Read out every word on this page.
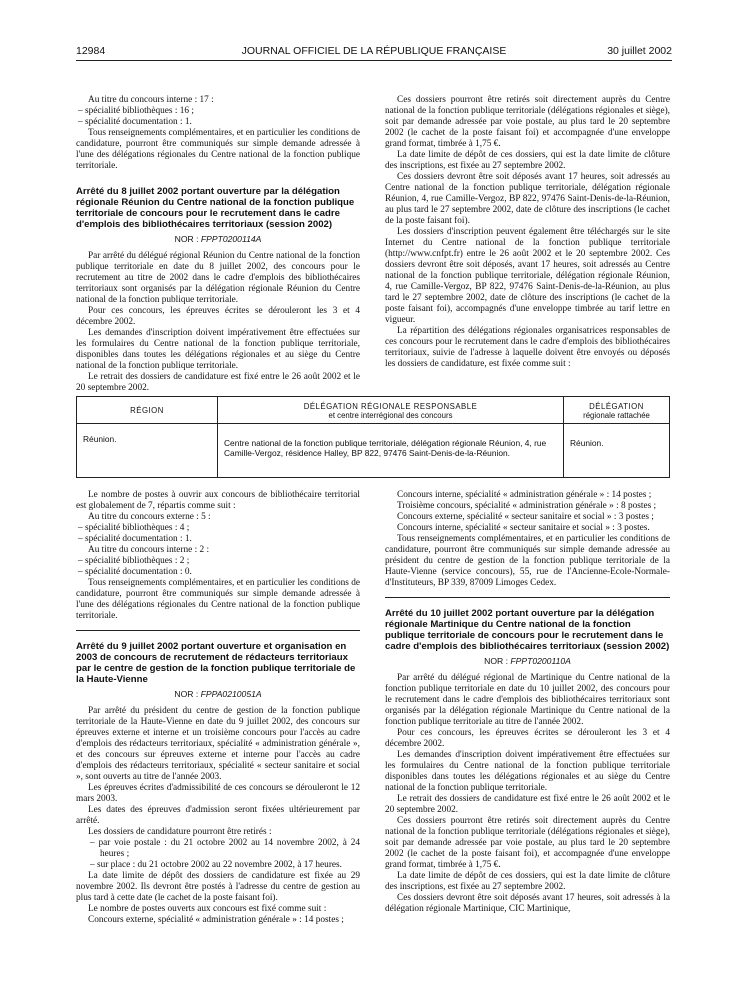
12984	JOURNAL OFFICIEL DE LA RÉPUBLIQUE FRANÇAISE	30 juillet 2002

Au titre du concours interne : 17 :

– spécialité bibliothèques : 16 ;

– spécialité documentation : 1.

Tous renseignements complémentaires, et en particulier les conditions de candidature, pourront être communiqués sur simple demande adressée à l'une des délégations régionales du Centre national de la fonction publique territoriale.

Arrêté du 8 juillet 2002 portant ouverture par la délégation régionale Réunion du Centre national de la fonction publique territoriale de concours pour le recrutement dans le cadre d'emplois des bibliothécaires territoriaux (session 2002)

NOR : FPPT0200114A

Par arrêté du délégué régional Réunion du Centre national de la fonction publique territoriale en date du 8 juillet 2002, des concours pour le recrutement au titre de 2002 dans le cadre d'emplois des bibliothécaires territoriaux sont organisés par la délégation régionale Réunion du Centre national de la fonction publique territoriale.

Pour ces concours, les épreuves écrites se dérouleront les 3 et 4 décembre 2002.

Les demandes d'inscription doivent impérativement être effectuées sur les formulaires du Centre national de la fonction publique territoriale, disponibles dans toutes les délégations régionales et au siège du Centre national de la fonction publique territoriale.

Le retrait des dossiers de candidature est fixé entre le 26 août 2002 et le 20 septembre 2002.

Ces dossiers pourront être retirés soit directement auprès du Centre national de la fonction publique territoriale (délégations régionales et siège), soit par demande adressée par voie postale, au plus tard le 20 septembre 2002 (le cachet de la poste faisant foi) et accompagnée d'une enveloppe grand format, timbrée à 1,75 €.

La date limite de dépôt de ces dossiers, qui est la date limite de clôture des inscriptions, est fixée au 27 septembre 2002.

Ces dossiers devront être soit déposés avant 17 heures, soit adressés au Centre national de la fonction publique territoriale, délégation régionale Réunion, 4, rue Camille-Vergoz, BP 822, 97476 Saint-Denis-de-la-Réunion, au plus tard le 27 septembre 2002, date de clôture des inscriptions (le cachet de la poste faisant foi).

Les dossiers d'inscription peuvent également être téléchargés sur le site Internet du Centre national de la fonction publique territoriale (http://www.cnfpt.fr) entre le 26 août 2002 et le 20 septembre 2002. Ces dossiers devront être soit déposés, avant 17 heures, soit adressés au Centre national de la fonction publique territoriale, délégation régionale Réunion, 4, rue Camille-Vergoz, BP 822, 97476 Saint-Denis-de-la-Réunion, au plus tard le 27 septembre 2002, date de clôture des inscriptions (le cachet de la poste faisant foi), accompagnés d'une enveloppe timbrée au tarif lettre en vigueur.

La répartition des délégations régionales organisatrices responsables de ces concours pour le recrutement dans le cadre d'emplois des bibliothécaires territoriaux, suivie de l'adresse à laquelle doivent être envoyés ou déposés les dossiers de candidature, est fixée comme suit :

RÉGION
Réunion.
DÉLÉGATION RÉGIONALE RESPONSABLE
et centre interrégional des concours
Centre national de la fonction publique territoriale, délégation régionale Réunion, 4, rue Camille-Vergoz, résidence Halley, BP 822, 97476 Saint-Denis-de-la-Réunion.
DÉLÉGATION
régionale rattachée
Réunion.

Le nombre de postes à ouvrir aux concours de bibliothécaire territorial est globalement de 7, répartis comme suit :

Au titre du concours externe : 5 :

– spécialité bibliothèques : 4 ;

– spécialité documentation : 1.

Au titre du concours interne : 2 :

– spécialité bibliothèques : 2 ;

– spécialité documentation : 0.

Tous renseignements complémentaires, et en particulier les conditions de candidature, pourront être communiqués sur simple demande adressée à l'une des délégations régionales du Centre national de la fonction publique territoriale.

Arrêté du 9 juillet 2002 portant ouverture et organisation en 2003 de concours de recrutement de rédacteurs territoriaux par le centre de gestion de la fonction publique territoriale de la Haute-Vienne

NOR : FPPA0210051A

Par arrêté du président du centre de gestion de la fonction publique territoriale de la Haute-Vienne en date du 9 juillet 2002, des concours sur épreuves externe et interne et un troisième concours pour l'accès au cadre d'emplois des rédacteurs territoriaux, spécialité « administration générale », et des concours sur épreuves externe et interne pour l'accès au cadre d'emplois des rédacteurs territoriaux, spécialité « secteur sanitaire et social », sont ouverts au titre de l'année 2003.

Les épreuves écrites d'admissibilité de ces concours se dérouleront le 12 mars 2003.

Les dates des épreuves d'admission seront fixées ultérieurement par arrêté.

Les dossiers de candidature pourront être retirés :

– par voie postale : du 21 octobre 2002 au 14 novembre 2002, à 24 heures ;

– sur place : du 21 octobre 2002 au 22 novembre 2002, à 17 heures.

La date limite de dépôt des dossiers de candidature est fixée au 29 novembre 2002. Ils devront être postés à l'adresse du centre de gestion au plus tard à cette date (le cachet de la poste faisant foi).

Le nombre de postes ouverts aux concours est fixé comme suit :

Concours externe, spécialité « administration générale » : 14 postes ;

Concours interne, spécialité « administration générale » : 14 postes ;

Troisième concours, spécialité « administration générale » : 8 postes ;

Concours externe, spécialité « secteur sanitaire et social » : 3 postes ;

Concours interne, spécialité « secteur sanitaire et social » : 3 postes.

Tous renseignements complémentaires, et en particulier les conditions de candidature, pourront être communiqués sur simple demande adressée au président du centre de gestion de la fonction publique territoriale de la Haute-Vienne (service concours), 55, rue de l'Ancienne-Ecole-Normale-d'Instituteurs, BP 339, 87009 Limoges Cedex.

Arrêté du 10 juillet 2002 portant ouverture par la délégation régionale Martinique du Centre national de la fonction publique territoriale de concours pour le recrutement dans le cadre d'emplois des bibliothécaires territoriaux (session 2002)

NOR : FPPT0200110A

Par arrêté du délégué régional de Martinique du Centre national de la fonction publique territoriale en date du 10 juillet 2002, des concours pour le recrutement dans le cadre d'emplois des bibliothécaires territoriaux sont organisés par la délégation régionale Martinique du Centre national de la fonction publique territoriale au titre de l'année 2002.

Pour ces concours, les épreuves écrites se dérouleront les 3 et 4 décembre 2002.

Les demandes d'inscription doivent impérativement être effectuées sur les formulaires du Centre national de la fonction publique territoriale disponibles dans toutes les délégations régionales et au siège du Centre national de la fonction publique territoriale.

Le retrait des dossiers de candidature est fixé entre le 26 août 2002 et le 20 septembre 2002.

Ces dossiers pourront être retirés soit directement auprès du Centre national de la fonction publique territoriale (délégations régionales et siège), soit par demande adressée par voie postale, au plus tard le 20 septembre 2002 (le cachet de la poste faisant foi), et accompagnée d'une enveloppe grand format, timbrée à 1,75 €.

La date limite de dépôt de ces dossiers, qui est la date limite de clôture des inscriptions, est fixée au 27 septembre 2002.

Ces dossiers devront être soit déposés avant 17 heures, soit adressés à la délégation régionale Martinique, CIC Martinique,
